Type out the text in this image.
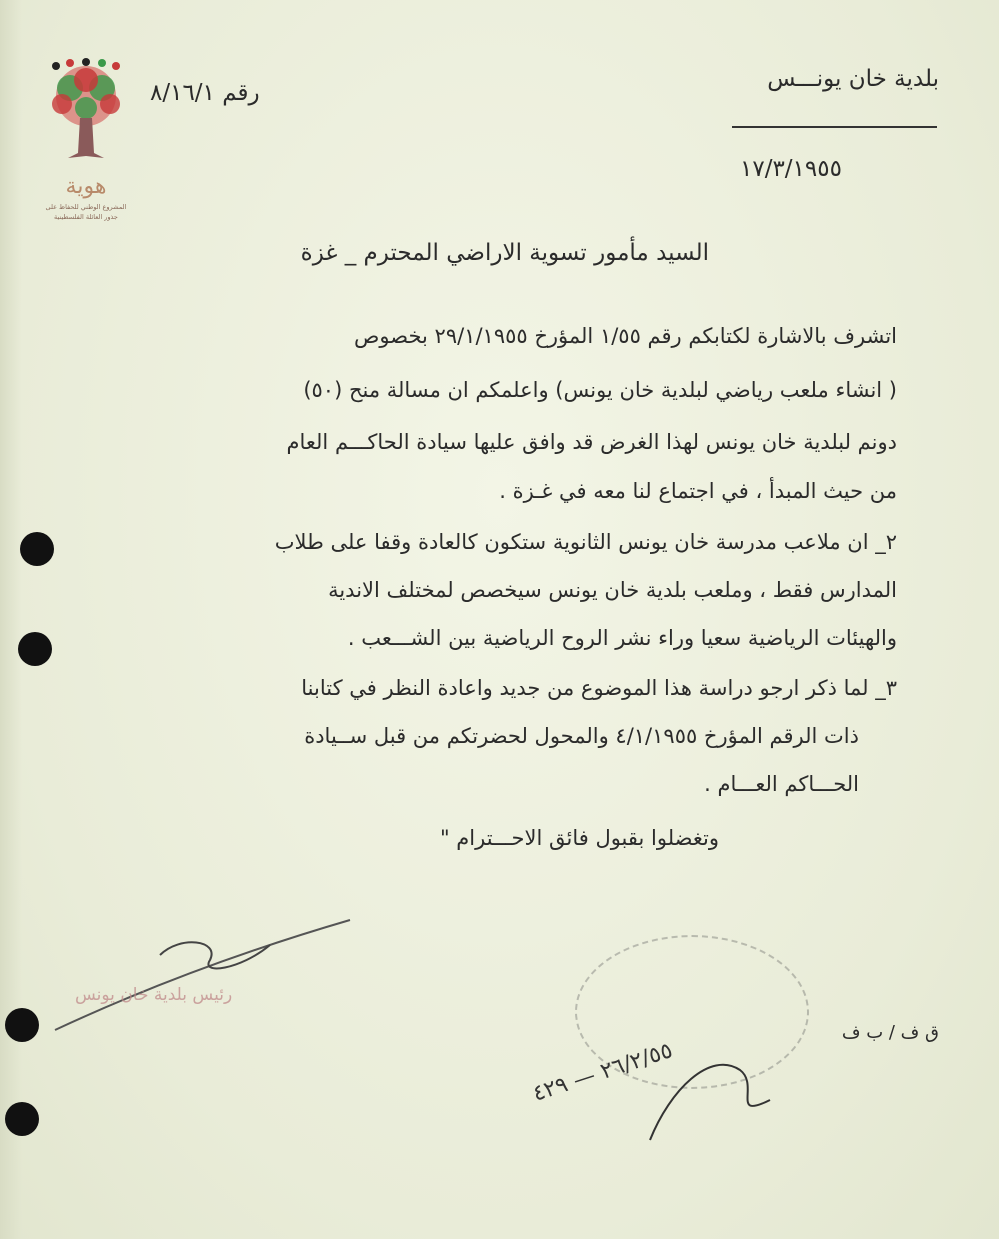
هوية
المشروع الوطني للحفاظ على
جذور العائلة الفلسطينية
بلدية خان يونـــس
رقم ٨/١٦/١
١٧/٣/١٩٥٥
السيد مأمور تسوية الاراضي المحترم _ غزة
اتشرف بالاشارة لكتابكم رقم ١/٥٥ المؤرخ ٢٩/١/١٩٥٥ بخصوص
( انشاء ملعب رياضي لبلدية خان يونس) واعلمكم ان مسالة منح (٥٠)
دونم لبلدية خان يونس لهذا الغرض قد وافق عليها سيادة الحاكـــم العام
من حيث المبدأ ، في اجتماع لنا معه في غـزة .
٢_ ان ملاعب مدرسة خان يونس الثانوية ستكون كالعادة وقفا على طلاب
المدارس فقط ، وملعب بلدية خان يونس سيخصص لمختلف الاندية
والهيئات الرياضية سعيا وراء نشر الروح الرياضية بين الشـــعب .
٣_ لما ذكر ارجو دراسة هذا الموضوع من جديد واعادة النظر في كتابنا
ذات الرقم المؤرخ ٤/١/١٩٥٥ والمحول لحضرتكم من قبل ســيادة
الحـــاكم العـــام .
وتغضلوا بقبول فائق الاحـــترام "
رئيس بلدية خان يونس
ق ف / ب ف
٢٦/٢/٥٥ — ٤٢٩
